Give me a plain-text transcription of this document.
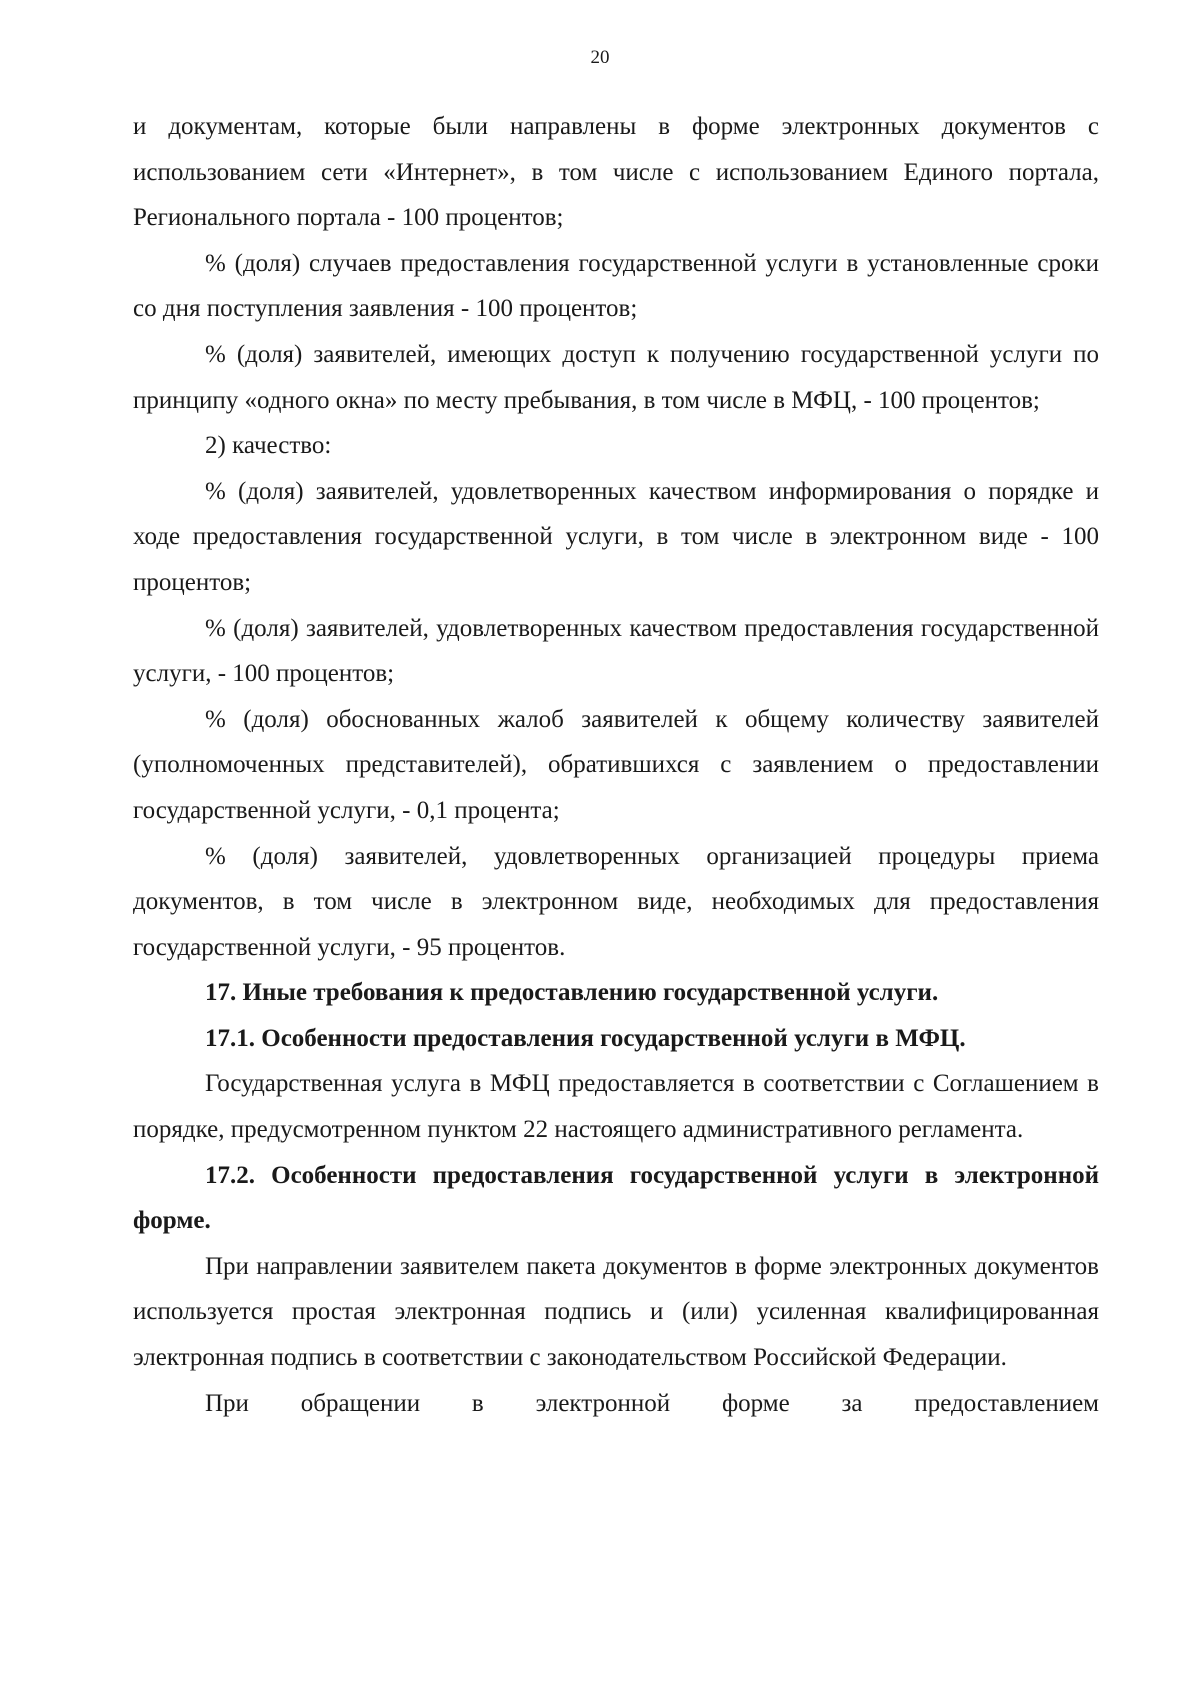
20

и документам, которые были направлены в форме электронных документов с использованием сети «Интернет», в том числе с использованием Единого портала, Регионального портала - 100 процентов;

% (доля) случаев предоставления государственной услуги в установленные сроки со дня поступления заявления - 100 процентов;

% (доля) заявителей, имеющих доступ к получению государственной услуги по принципу «одного окна» по месту пребывания, в том числе в МФЦ, - 100 процентов;

2) качество:

% (доля) заявителей, удовлетворенных качеством информирования о порядке и ходе предоставления государственной услуги, в том числе в электронном виде - 100 процентов;

% (доля) заявителей, удовлетворенных качеством предоставления государственной услуги, - 100 процентов;

% (доля) обоснованных жалоб заявителей к общему количеству заявителей (уполномоченных представителей), обратившихся с заявлением о предоставлении государственной услуги, - 0,1 процента;

% (доля) заявителей, удовлетворенных организацией процедуры приема документов, в том числе в электронном виде, необходимых для предоставления государственной услуги, - 95 процентов.

17. Иные требования к предоставлению государственной услуги.

17.1. Особенности предоставления государственной услуги в МФЦ.

Государственная услуга в МФЦ предоставляется в соответствии с Соглашением в порядке, предусмотренном пунктом 22 настоящего административного регламента.

17.2. Особенности предоставления государственной услуги в электронной форме.

При направлении заявителем пакета документов в форме электронных документов используется простая электронная подпись и (или) усиленная квалифицированная электронная подпись в соответствии с законодательством Российской Федерации.

При обращении в электронной форме за предоставлением
